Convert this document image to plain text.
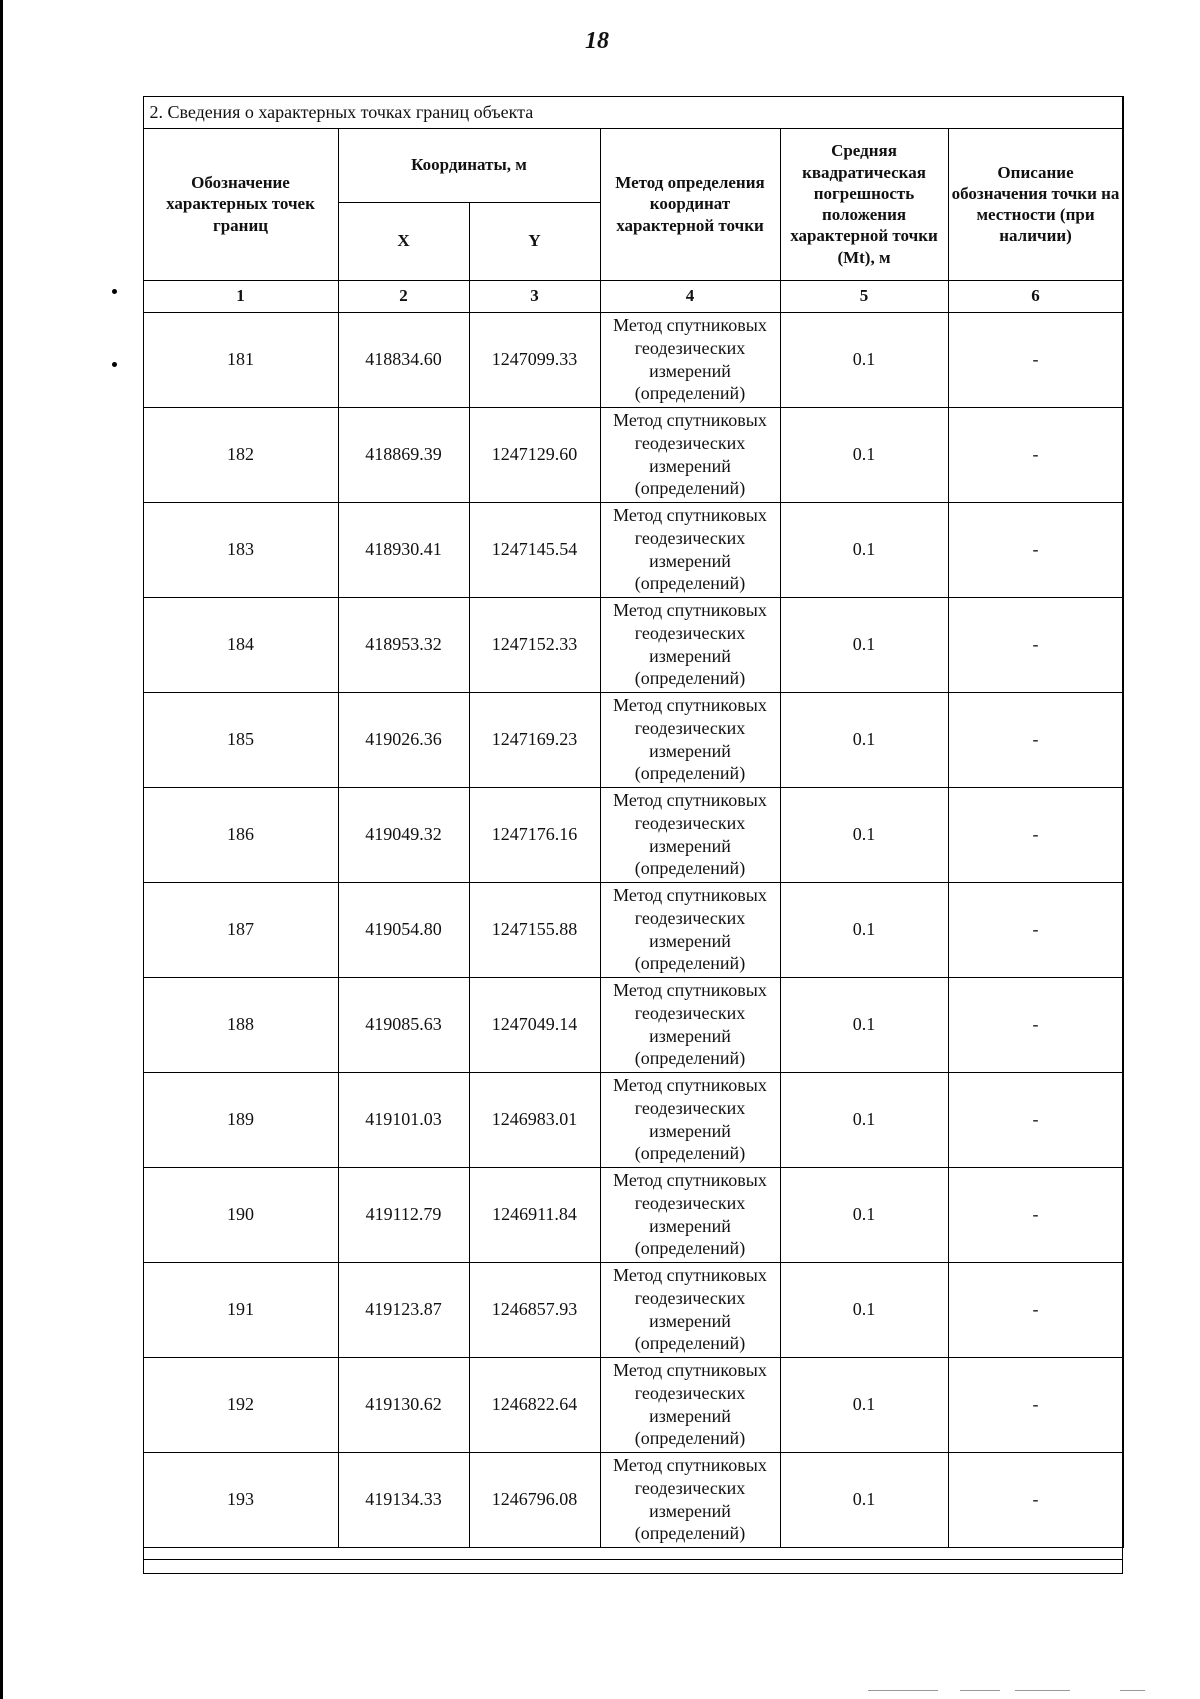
18
2. Сведения о характерных точках границ объекта					
Обозначение характерных точек границ	Координаты, м		Метод определения координат характерной точки	Средняя квадратическая погрешность положения характерной точки (Mt), м	Описание обозначения точки на местности (при наличии)
	X	Y			
1	2	3	4	5	6
181	418834.60	1247099.33	Метод спутниковых геодезических измерений (определений)	0.1	-
182	418869.39	1247129.60	Метод спутниковых геодезических измерений (определений)	0.1	-
183	418930.41	1247145.54	Метод спутниковых геодезических измерений (определений)	0.1	-
184	418953.32	1247152.33	Метод спутниковых геодезических измерений (определений)	0.1	-
185	419026.36	1247169.23	Метод спутниковых геодезических измерений (определений)	0.1	-
186	419049.32	1247176.16	Метод спутниковых геодезических измерений (определений)	0.1	-
187	419054.80	1247155.88	Метод спутниковых геодезических измерений (определений)	0.1	-
188	419085.63	1247049.14	Метод спутниковых геодезических измерений (определений)	0.1	-
189	419101.03	1246983.01	Метод спутниковых геодезических измерений (определений)	0.1	-
190	419112.79	1246911.84	Метод спутниковых геодезических измерений (определений)	0.1	-
191	419123.87	1246857.93	Метод спутниковых геодезических измерений (определений)	0.1	-
192	419130.62	1246822.64	Метод спутниковых геодезических измерений (определений)	0.1	-
193	419134.33	1246796.08	Метод спутниковых геодезических измерений (определений)	0.1	-
